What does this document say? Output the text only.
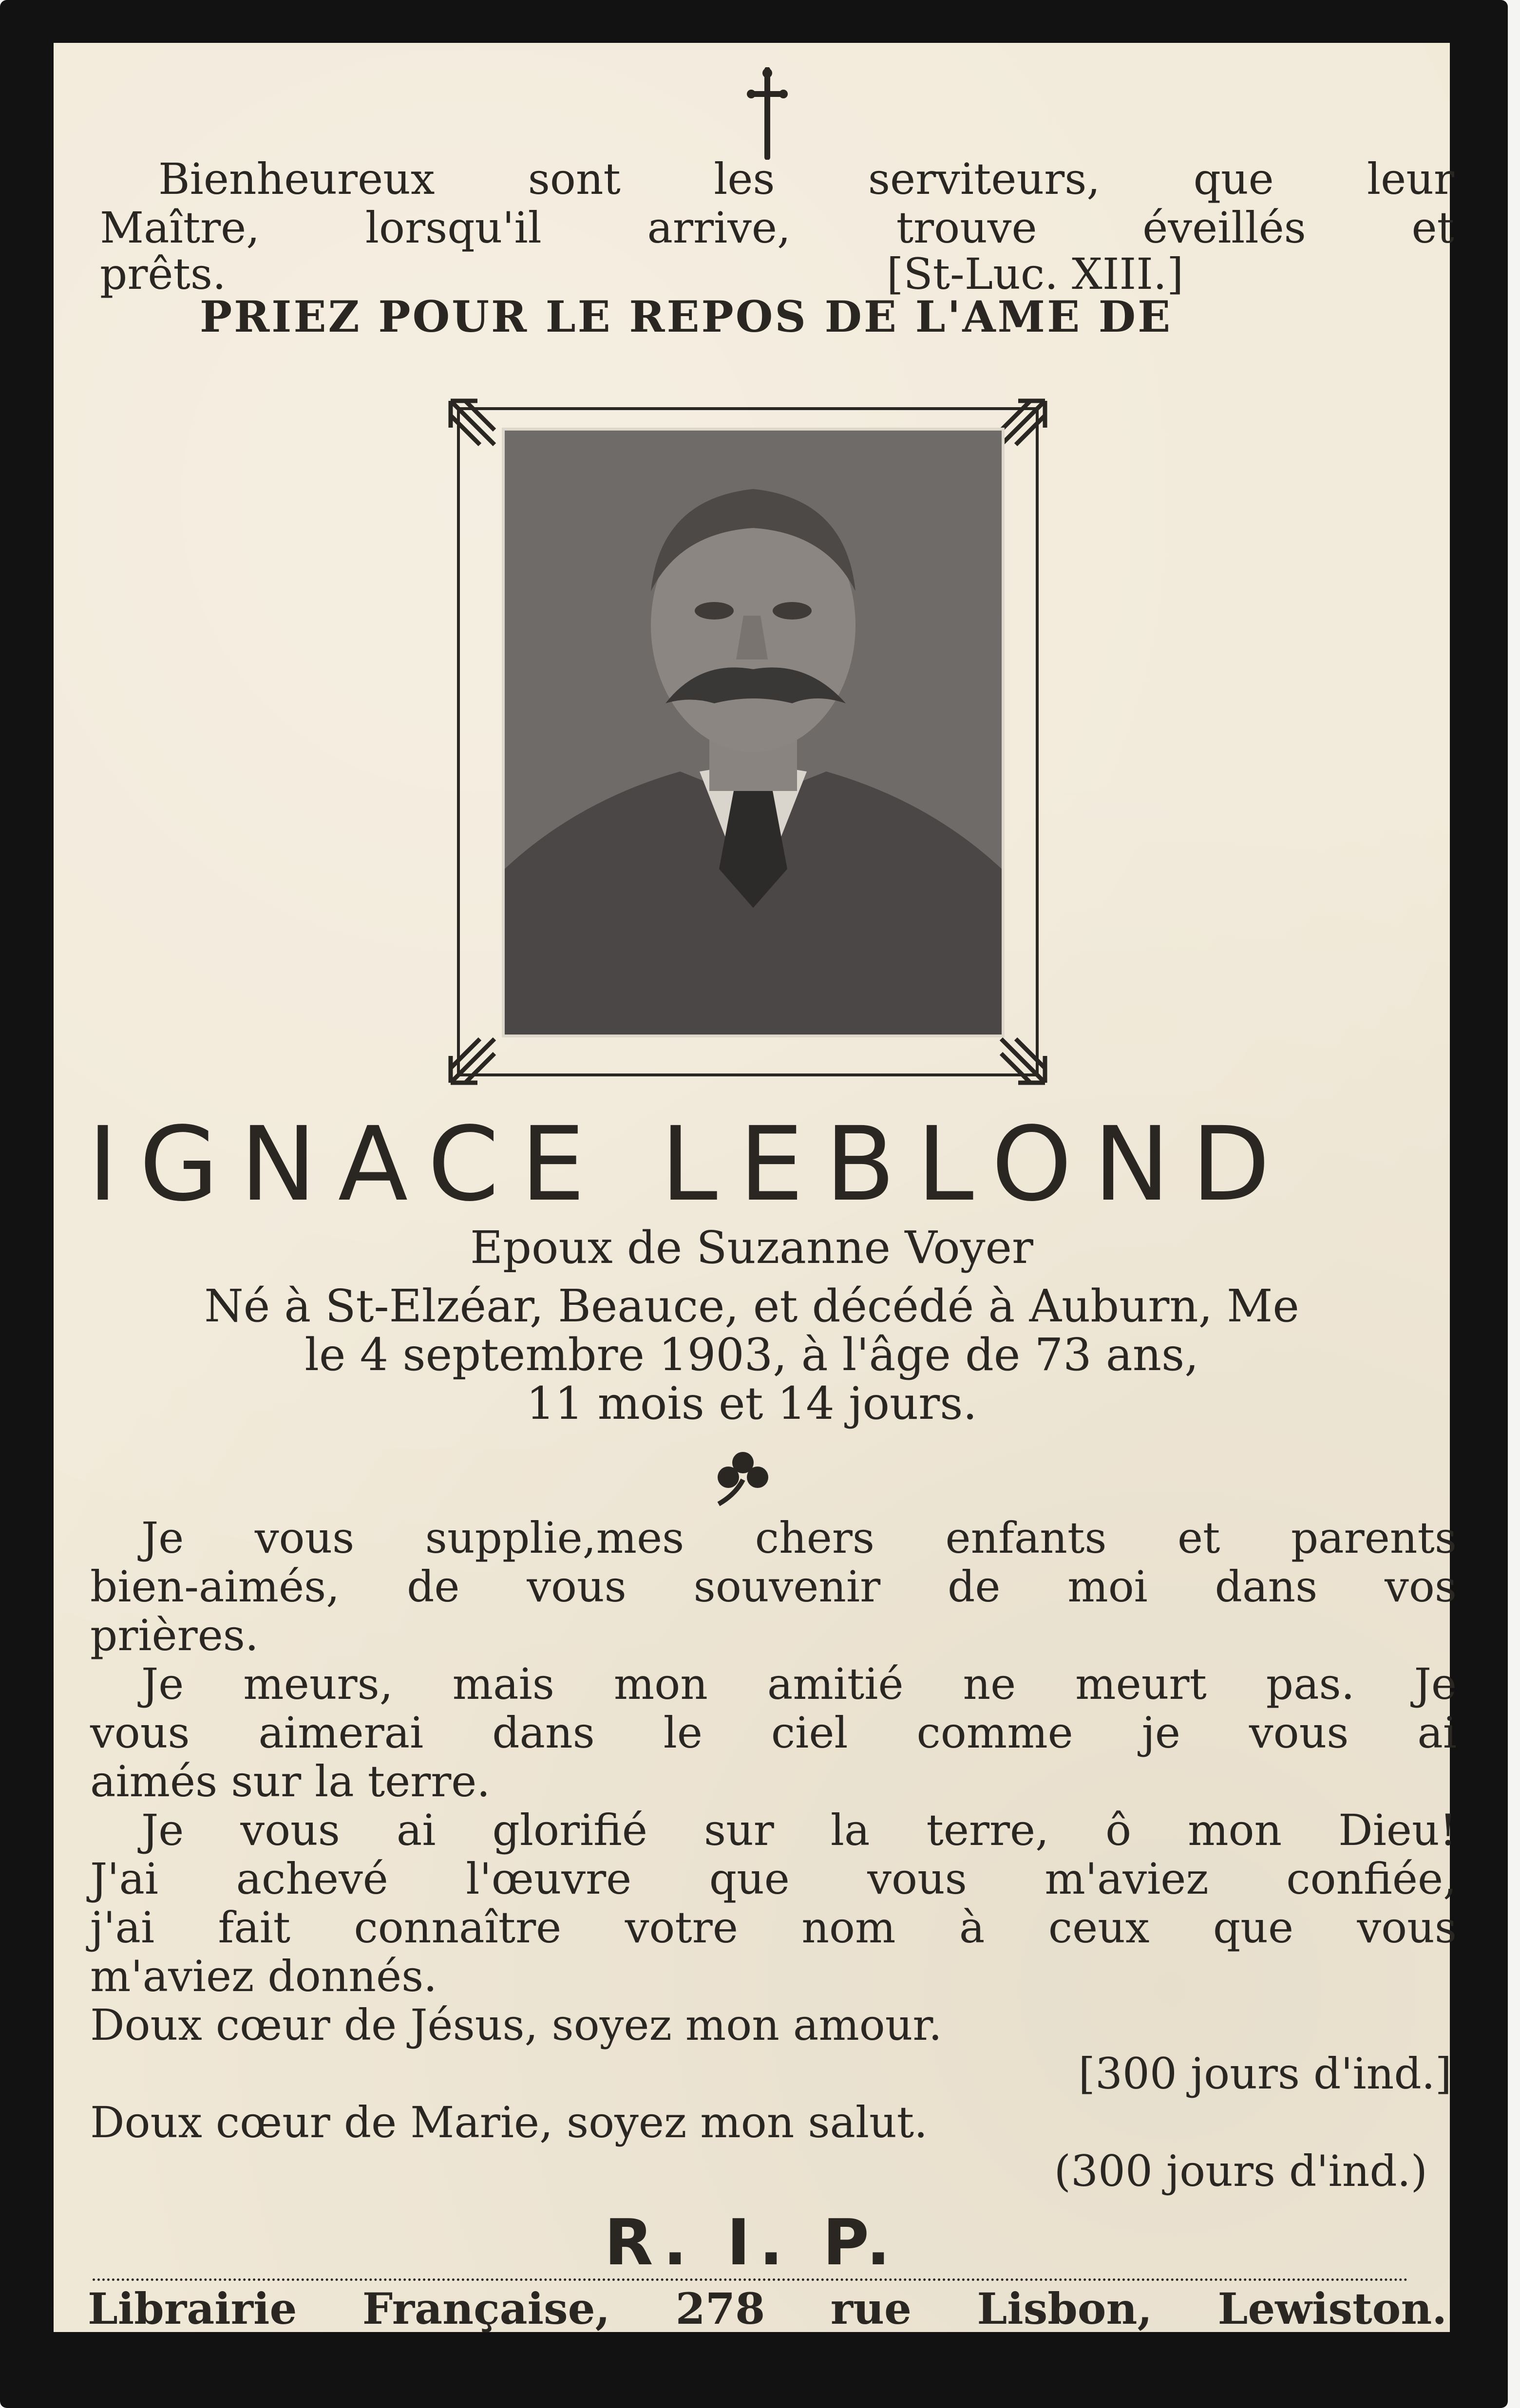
Bienheureux sont les serviteurs, que leur
Maître, lorsqu'il arrive, trouve éveillés et
prêts.	[St-Luc. XIII.]
PRIEZ POUR LE REPOS DE L'AME DE
IGNACE LEBLOND
Epoux de Suzanne Voyer
Né à St-Elzéar, Beauce, et décédé à Auburn, Me
le 4 septembre 1903, à l'âge de 73 ans,
11 mois et 14 jours.
Je vous supplie,mes chers enfants et parents
bien-aimés, de vous souvenir de moi dans vos
prières.
Je meurs, mais mon amitié ne meurt pas. Je
vous aimerai dans le ciel comme je vous ai
aimés sur la terre.
Je vous ai glorifié sur la terre, ô mon Dieu!
J'ai achevé l'œuvre que vous m'aviez confiée,
j'ai fait connaître votre nom à ceux que vous
m'aviez donnés.
Doux cœur de Jésus, soyez mon amour.
[300 jours d'ind.]
Doux cœur de Marie, soyez mon salut.
(300 jours d'ind.)
R. I. P.
Librairie Française, 278 rue Lisbon, Lewiston.
